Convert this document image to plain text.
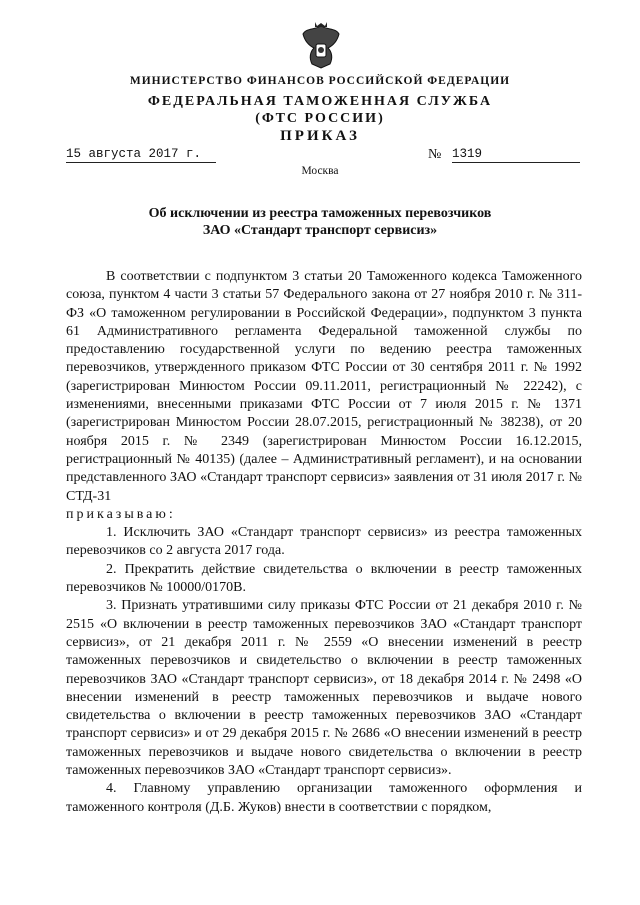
МИНИСТЕРСТВО ФИНАНСОВ РОССИЙСКОЙ ФЕДЕРАЦИИ
ФЕДЕРАЛЬНАЯ ТАМОЖЕННАЯ СЛУЖБА
(ФТС РОССИИ)
ПРИКАЗ
15 августа 2017 г.	№ 1319
Москва
Об исключении из реестра таможенных перевозчиков
ЗАО «Стандарт транспорт сервисиз»

В соответствии с подпунктом 3 статьи 20 Таможенного кодекса Таможенного союза, пунктом 4 части 3 статьи 57 Федерального закона от 27 ноября 2010 г. № 311-ФЗ «О таможенном регулировании в Российской Федерации», подпунктом 3 пункта 61 Административного регламента Федеральной таможенной службы по предоставлению государственной услуги по ведению реестра таможенных перевозчиков, утвержденного приказом ФТС России от 30 сентября 2011 г. № 1992 (зарегистрирован Минюстом России 09.11.2011, регистрационный № 22242), с изменениями, внесенными приказами ФТС России от 7 июля 2015 г. № 1371 (зарегистрирован Минюстом России 28.07.2015, регистрационный № 38238), от 20 ноября 2015 г. № 2349 (зарегистрирован Минюстом России 16.12.2015, регистрационный № 40135) (далее – Административный регламент), и на основании представленного ЗАО «Стандарт транспорт сервисиз» заявления от 31 июля 2017 г. № СТД-31

приказываю:

1. Исключить ЗАО «Стандарт транспорт сервисиз» из реестра таможенных перевозчиков со 2 августа 2017 года.

2. Прекратить действие свидетельства о включении в реестр таможенных перевозчиков № 10000/0170В.

3. Признать утратившими силу приказы ФТС России от 21 декабря 2010 г. № 2515 «О включении в реестр таможенных перевозчиков ЗАО «Стандарт транспорт сервисиз», от 21 декабря 2011 г. № 2559 «О внесении изменений в реестр таможенных перевозчиков и свидетельство о включении в реестр таможенных перевозчиков ЗАО «Стандарт транспорт сервисиз», от 18 декабря 2014 г. № 2498 «О внесении изменений в реестр таможенных перевозчиков и выдаче нового свидетельства о включении в реестр таможенных перевозчиков ЗАО «Стандарт транспорт сервисиз» и от 29 декабря 2015 г. № 2686 «О внесении изменений в реестр таможенных перевозчиков и выдаче нового свидетельства о включении в реестр таможенных перевозчиков ЗАО «Стандарт транспорт сервисиз».

4. Главному управлению организации таможенного оформления и таможенного контроля (Д.Б. Жуков) внести в соответствии с порядком,
